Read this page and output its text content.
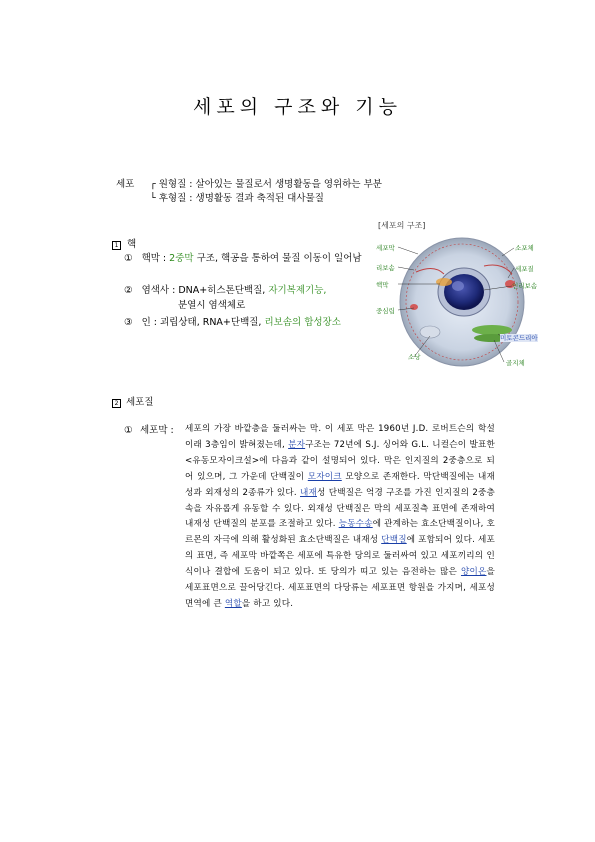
세포의 구조와 기능
세포 ┌ 원형질 : 살아있는 물질로서 생명활동을 영위하는 부분
└ 후형질 : 생명활동 결과 축적된 대사물질
1 핵
① 핵막 : 2중막 구조, 핵공을 통하여 물질 이동이 일어남
② 염색사 : DNA+히스톤단백질, 자기복제기능,
분열시 염색체로
③ 인 : 괴립상태, RNA+단백질, 리보솜의 합성장소
[세포의 구조]
세포막
리보솜
핵막
중심립
소낭
소포체
세포질
인리보솜
미토콘드리아
골지체
2 세포질
① 세포막 : 세포의 가장 바깥층을 둘러싸는 막. 이 세포 막은 1960년 J.D. 로버트슨의 학설 이래 3층임이 밝혀졌는데, 분자구조는 72년에 S.J. 싱어와 G.L. 니컬슨이 발표한 <유동모자이크설>에 다음과 같이 설명되어 있다. 막은 인지질의 2중층으로 되어 있으며, 그 가운데 단백질이 모자이크 모양으로 존재한다. 막단백질에는 내재성과 외재성의 2종류가 있다. 내재성 단백질은 억경 구조를 가진 인지질의 2중층 속을 자유롭게 유동할 수 있다. 외재성 단백질은 막의 세포질측 표면에 존재하여 내재성 단백질의 분포를 조절하고 있다. 능동수송에 관계하는 효소단백질이나, 호르몬의 자극에 의해 활성화된 효소단백질은 내재성 단백질에 포함되어 있다. 세포의 표면, 즉 세포막 바깥쪽은 세포에 특유한 당의로 둘러싸여 있고 세포끼리의 인식이나 결합에 도움이 되고 있다. 또 당의가 띠고 있는 음전하는 많은 양이온을 세포표면으로 끌어당긴다. 세포표면의 다당류는 세포표면 항원을 가지며, 세포성면역에 큰 역할을 하고 있다.
